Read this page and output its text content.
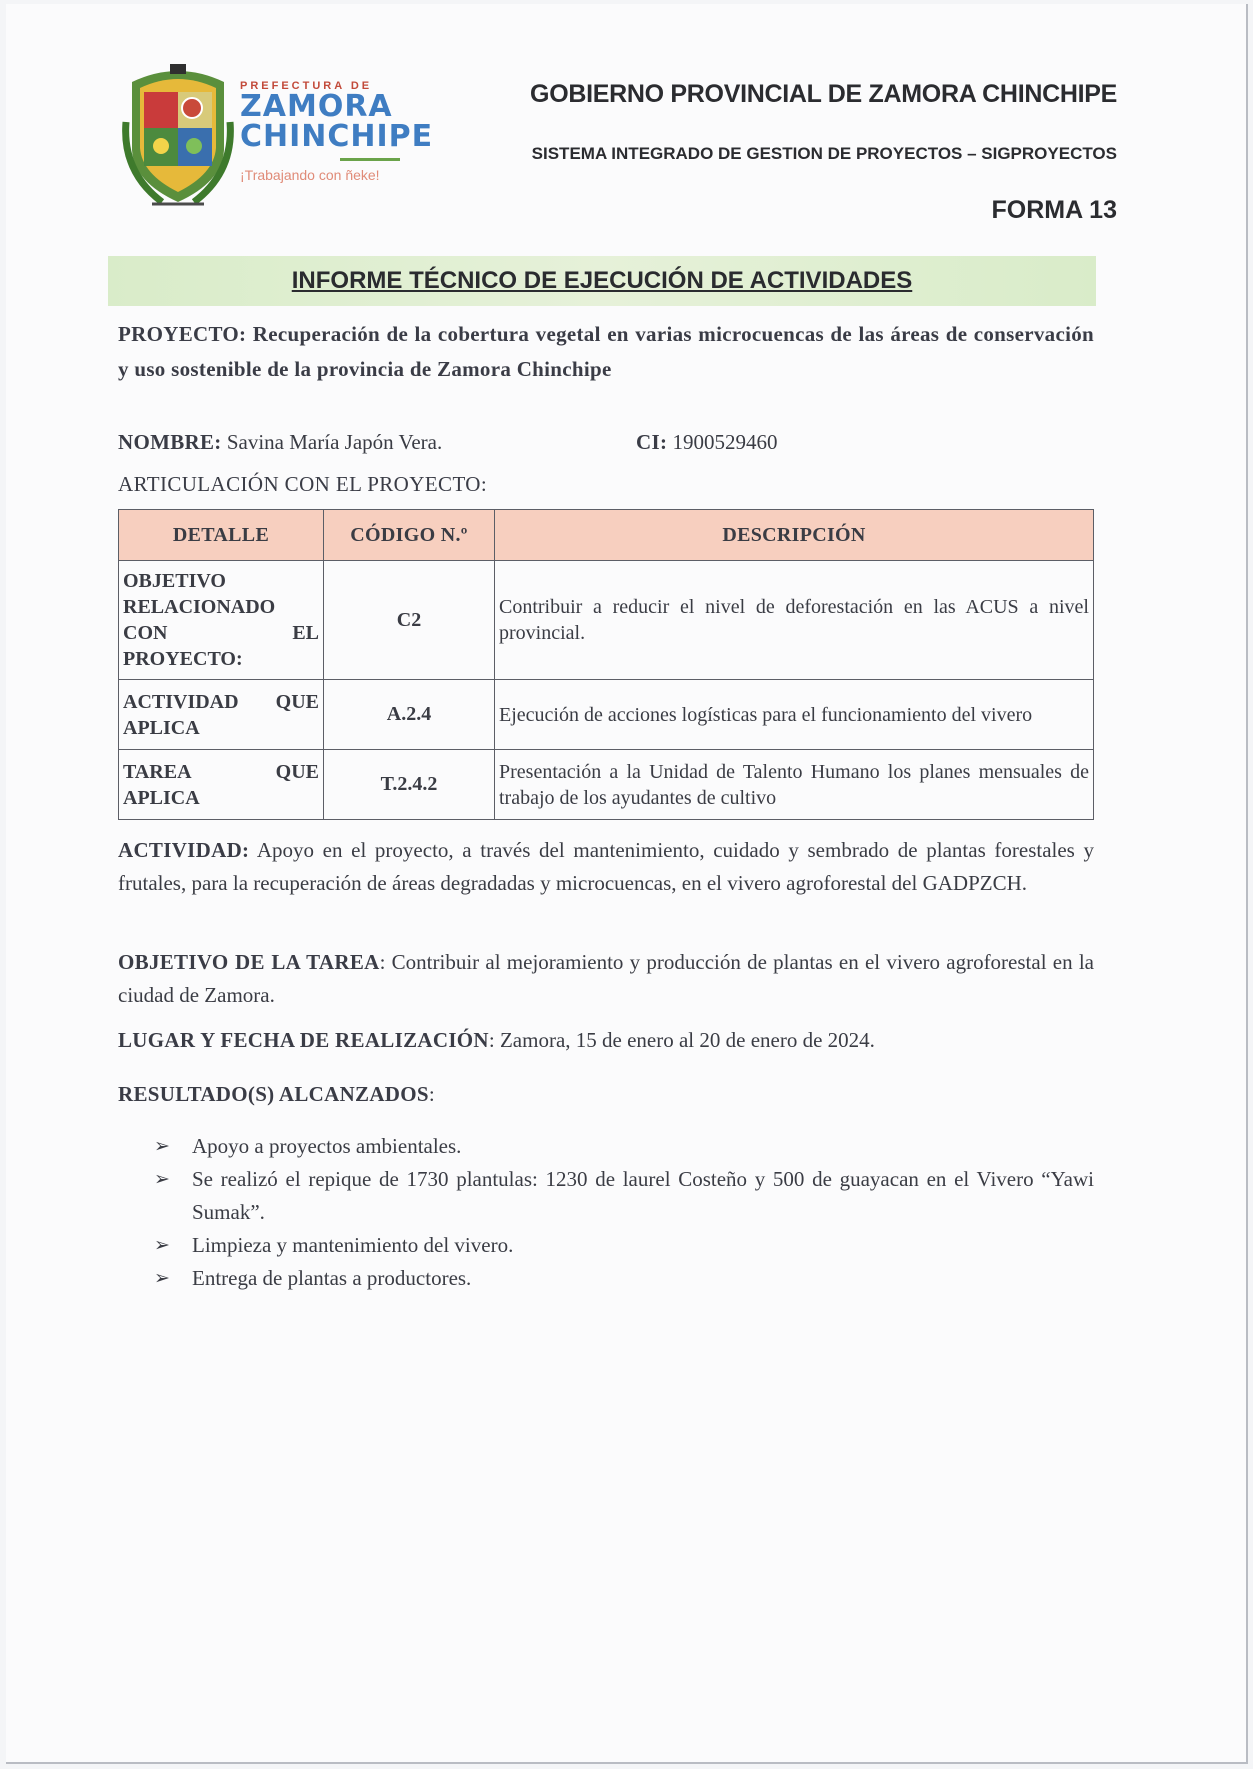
PREFECTURA DE
ZAMORA
CHINCHIPE
¡Trabajando con ñeke!
GOBIERNO PROVINCIAL DE ZAMORA CHINCHIPE
SISTEMA INTEGRADO DE GESTION DE PROYECTOS – SIGPROYECTOS
FORMA 13
INFORME TÉCNICO DE EJECUCIÓN DE ACTIVIDADES
PROYECTO: Recuperación de la cobertura vegetal en varias microcuencas de las áreas de conservación y uso sostenible de la provincia de Zamora Chinchipe
NOMBRE: Savina María Japón Vera.	CI: 1900529460
ARTICULACIÓN CON EL PROYECTO:
DETALLE	CÓDIGO N.º	DESCRIPCIÓN

OBJETIVO
RELACIONADO
CON EL
PROYECTO:	C2	Contribuir a reducir el nivel de deforestación en las ACUS a nivel provincial.

ACTIVIDAD QUE
APLICA	A.2.4	Ejecución de acciones logísticas para el funcionamiento del vivero

TAREA QUE
APLICA	T.2.4.2	Presentación a la Unidad de Talento Humano los planes mensuales de trabajo de los ayudantes de cultivo
ACTIVIDAD: Apoyo en el proyecto, a través del mantenimiento, cuidado y sembrado de plantas forestales y frutales, para la recuperación de áreas degradadas y microcuencas, en el vivero agroforestal del GADPZCH.
OBJETIVO DE LA TAREA: Contribuir al mejoramiento y producción de plantas en el vivero agroforestal en la ciudad de Zamora.
LUGAR Y FECHA DE REALIZACIÓN: Zamora, 15 de enero al 20 de enero de 2024.
RESULTADO(S) ALCANZADOS:
➢ Apoyo a proyectos ambientales.
➢ Se realizó el repique de 1730 plantulas: 1230 de laurel Costeño y 500 de guayacan en el Vivero “Yawi Sumak”.
➢ Limpieza y mantenimiento del vivero.
➢ Entrega de plantas a productores.
